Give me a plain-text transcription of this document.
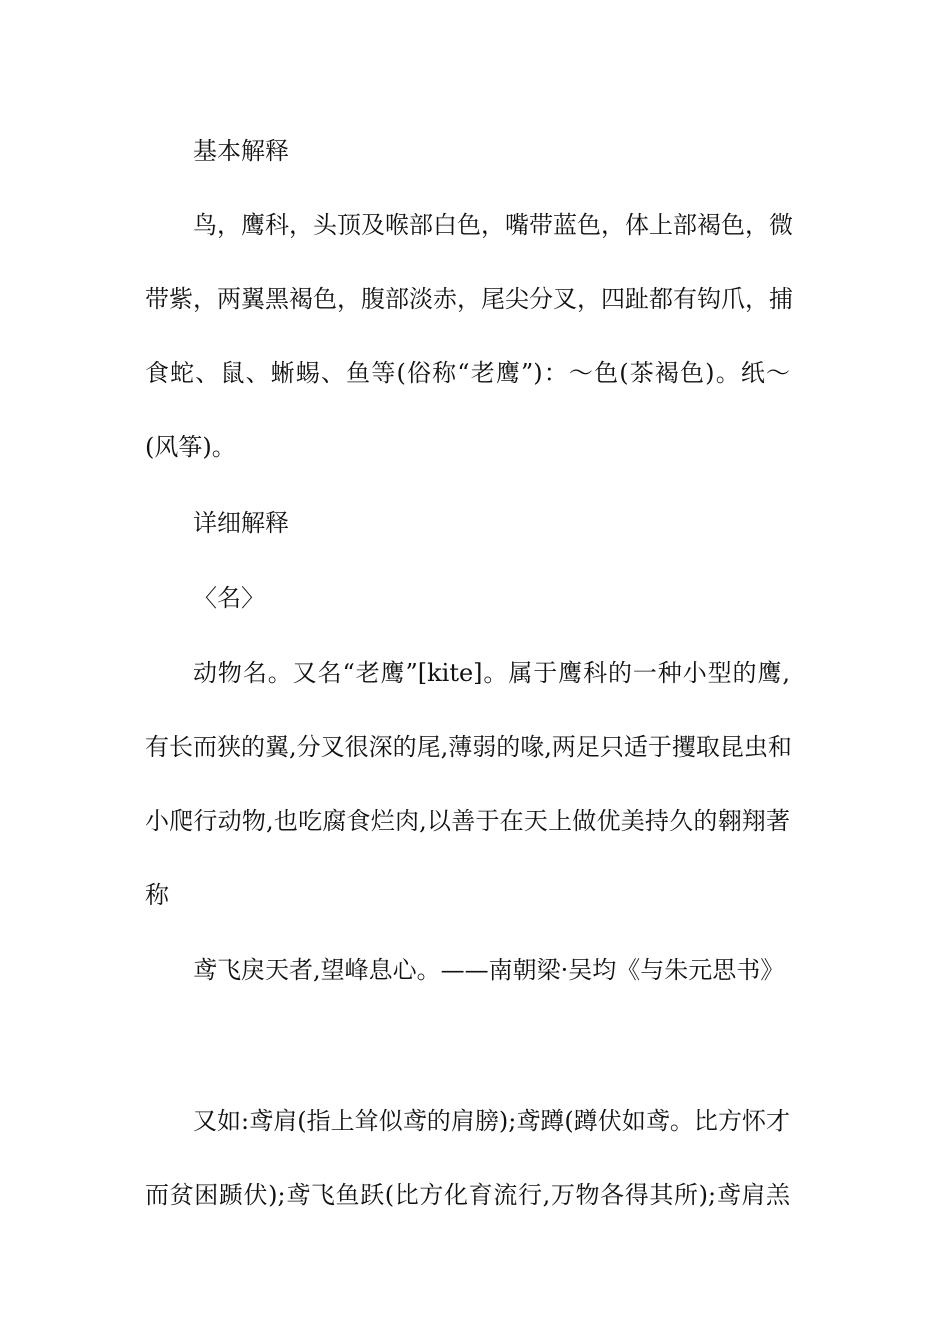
基本解释
鸟，鹰科，头顶及喉部白色，嘴带蓝色，体上部褐色，微
带紫，两翼黑褐色，腹部淡赤，尾尖分叉，四趾都有钩爪，捕
食蛇、鼠、蜥蜴、鱼等(俗称“老鹰”)：～色(茶褐色)。纸～
(风筝)。
详细解释
〈名〉
动物名。又名“老鹰”[kite]。属于鹰科的一种小型的鹰,
有长而狭的翼,分叉很深的尾,薄弱的喙,两足只适于攫取昆虫和
小爬行动物,也吃腐食烂肉,以善于在天上做优美持久的翱翔著
称
鸢飞戾天者,望峰息心。——南朝梁·吴均《与朱元思书》
又如:鸢肩(指上耸似鸢的肩膀);鸢蹲(蹲伏如鸢。比方怀才
而贫困踬伏);鸢飞鱼跃(比方化育流行,万物各得其所);鸢肩羔
